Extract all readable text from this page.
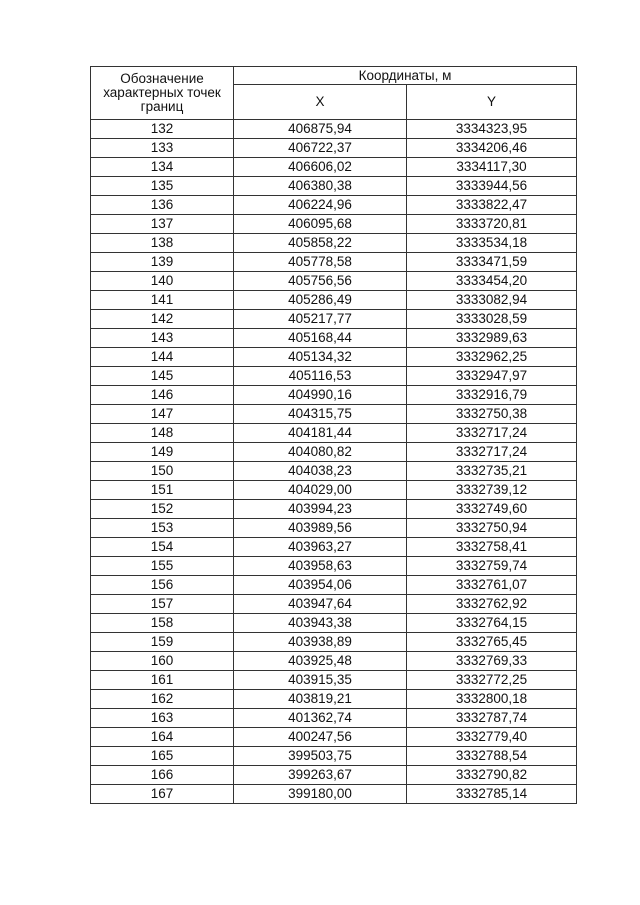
Обозначение характерных точек границ	Координаты, м	
	X	Y
132	406875,94	3334323,95
133	406722,37	3334206,46
134	406606,02	3334117,30
135	406380,38	3333944,56
136	406224,96	3333822,47
137	406095,68	3333720,81
138	405858,22	3333534,18
139	405778,58	3333471,59
140	405756,56	3333454,20
141	405286,49	3333082,94
142	405217,77	3333028,59
143	405168,44	3332989,63
144	405134,32	3332962,25
145	405116,53	3332947,97
146	404990,16	3332916,79
147	404315,75	3332750,38
148	404181,44	3332717,24
149	404080,82	3332717,24
150	404038,23	3332735,21
151	404029,00	3332739,12
152	403994,23	3332749,60
153	403989,56	3332750,94
154	403963,27	3332758,41
155	403958,63	3332759,74
156	403954,06	3332761,07
157	403947,64	3332762,92
158	403943,38	3332764,15
159	403938,89	3332765,45
160	403925,48	3332769,33
161	403915,35	3332772,25
162	403819,21	3332800,18
163	401362,74	3332787,74
164	400247,56	3332779,40
165	399503,75	3332788,54
166	399263,67	3332790,82
167	399180,00	3332785,14
